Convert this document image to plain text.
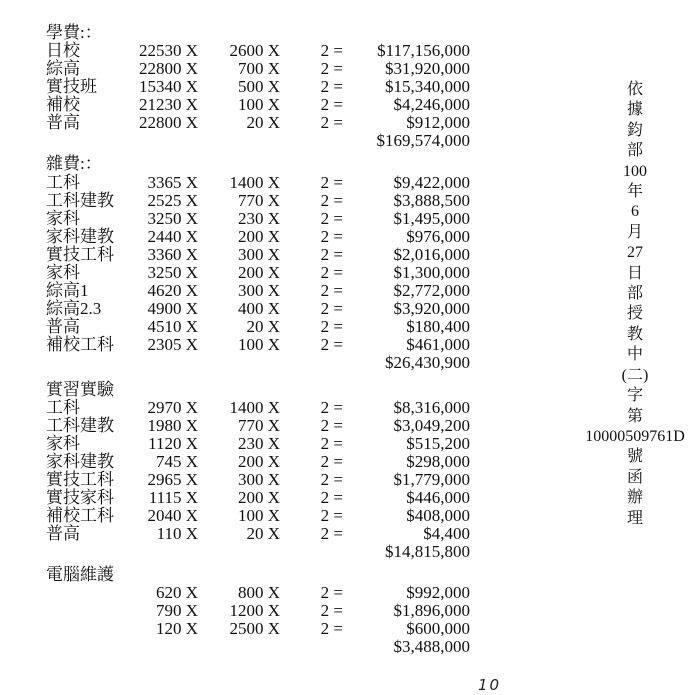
學費:：
日校	22530 X 2600 X 2 = $117,156,000
綜高	22800 X 700 X 2 = $31,920,000
實技班 15340 X 500 X 2 = $15,340,000
補校	21230 X 100 X 2 =	$4,246,000
普高	22800 X	20 X 2 =	$912,000
$169,574,000
雜費:：
工科	3365 X 1400 X 2 =	$9,422,000
工科建教 2525 X 770 X 2 =	$3,888,500
家科	3250 X 230 X 2 =	$1,495,000
家科建教 2440 X 200 X 2 =	$976,000
實技工科 3360 X 300 X 2 =	$2,016,000
家科	3250 X 200 X 2 =	$1,300,000
綜高1	4620 X 300 X 2 =	$2,772,000
綜高2.3	4900 X 400 X 2 =	$3,920,000
普高	4510 X	20 X 2 =	$180,400
補校工科 2305 X 100 X 2 =	$461,000
$26,430,900
實習實驗
工科	2970 X 1400 X 2 =	$8,316,000
工科建教 1980 X 770 X 2 =	$3,049,200
家科	1120 X 230 X 2 =	$515,200
家科建教 745 X 200 X 2 =	$298,000
實技工科 2965 X 300 X 2 =	$1,779,000
實技家科 1115 X 200 X 2 =	$446,000
補校工科 2040 X 100 X 2 =	$408,000
普高	110 X	20 X 2 =	$4,400
$14,815,800
電腦維護
620 X 800 X 2 =	$992,000
790 X 1200 X 2 =	$1,896,000
120 X 2500 X 2 =	$600,000
$3,488,000
依
據
鈞
部
100
年
6
月
27
日
部
授
教
中
(二)
字
第
10000509761D
號
函
辦
理
10
